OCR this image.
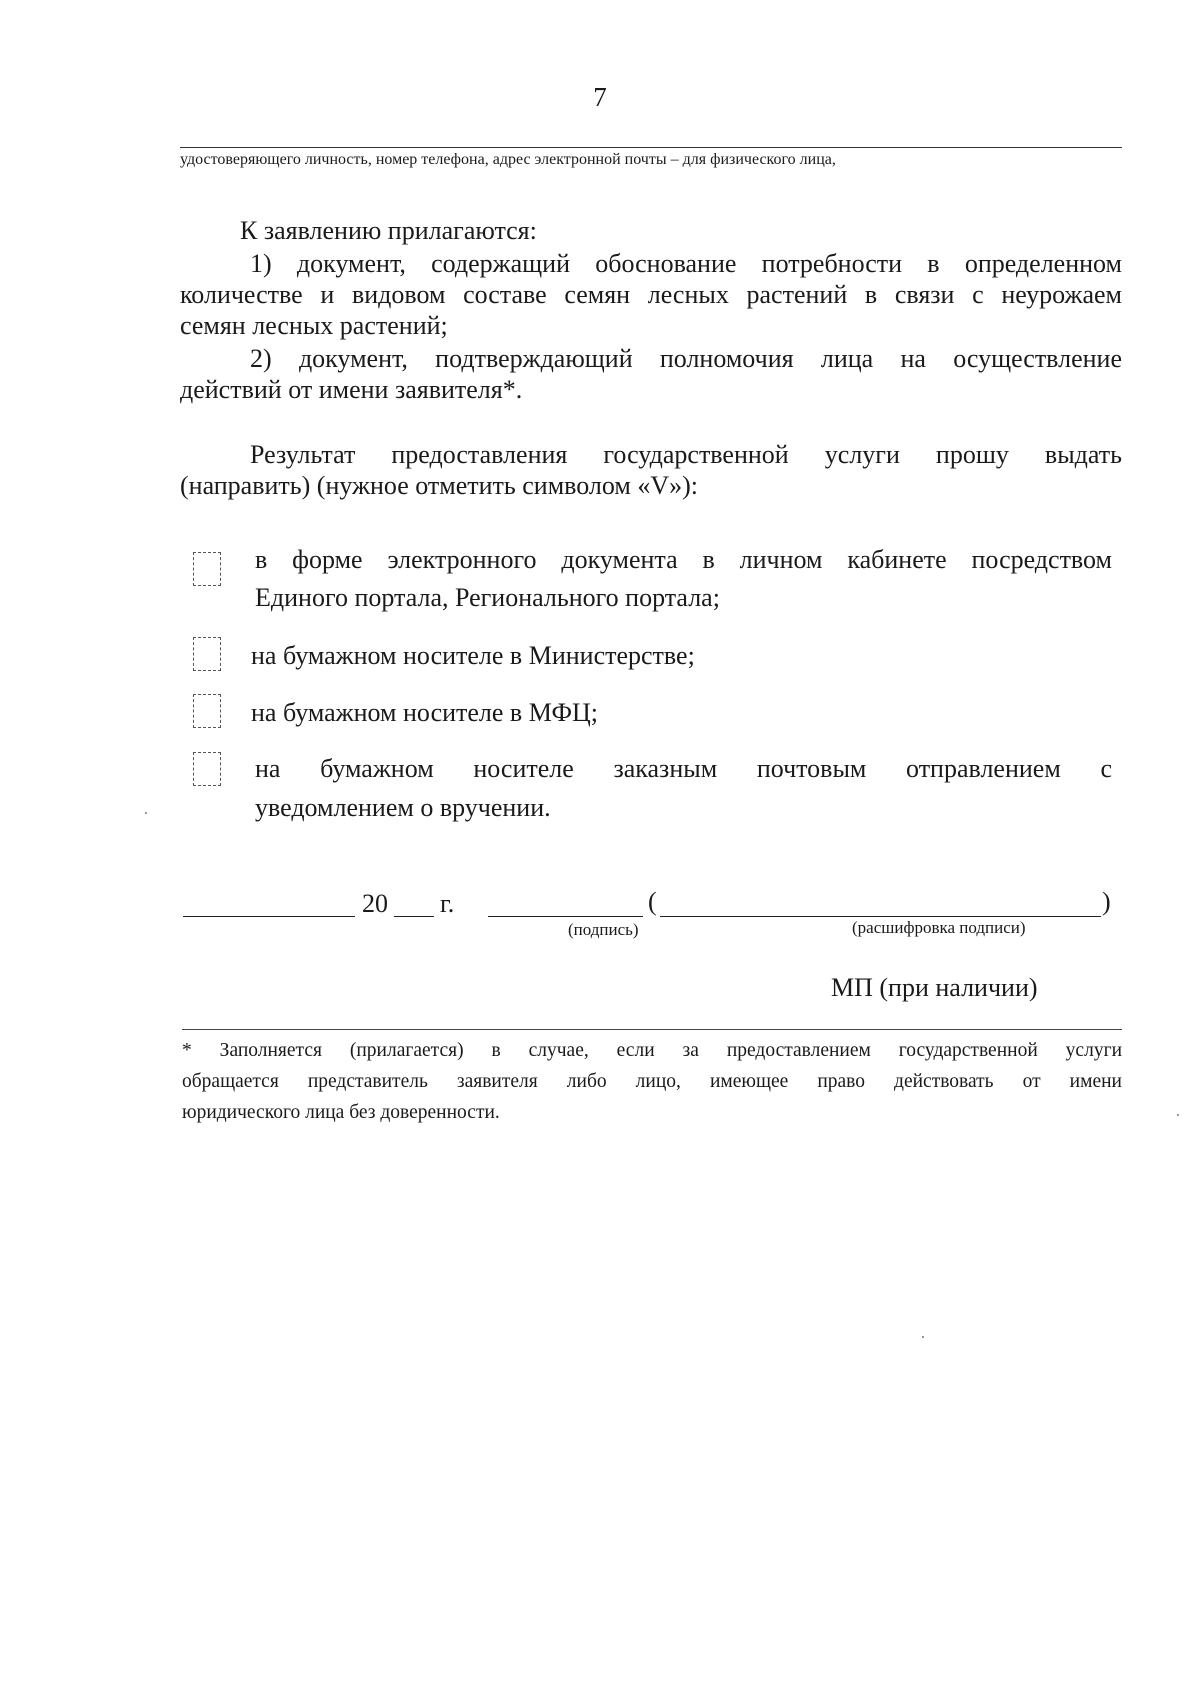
7
удостоверяющего личность, номер телефона, адрес электронной почты – для физического лица,
К заявлению прилагаются:
1) документ, содержащий обоснование потребности в определенном
количестве и видовом составе семян лесных растений в связи с неурожаем
семян лесных растений;
2) документ, подтверждающий полномочия лица на осуществление
действий от имени заявителя*.
Результат предоставления государственной услуги прошу выдать
(направить) (нужное отметить символом «V»):
в форме электронного документа в личном кабинете посредством
Единого портала, Регионального портала;
на бумажном носителе в Министерстве;
на бумажном носителе в МФЦ;
на бумажном носителе заказным почтовым отправлением с
уведомлением о вручении.
20 г.	(	)
(подпись)	(расшифровка подписи)
МП (при наличии)
* Заполняется (прилагается) в случае, если за предоставлением государственной услуги
обращается представитель заявителя либо лицо, имеющее право действовать от имени
юридического лица без доверенности.
